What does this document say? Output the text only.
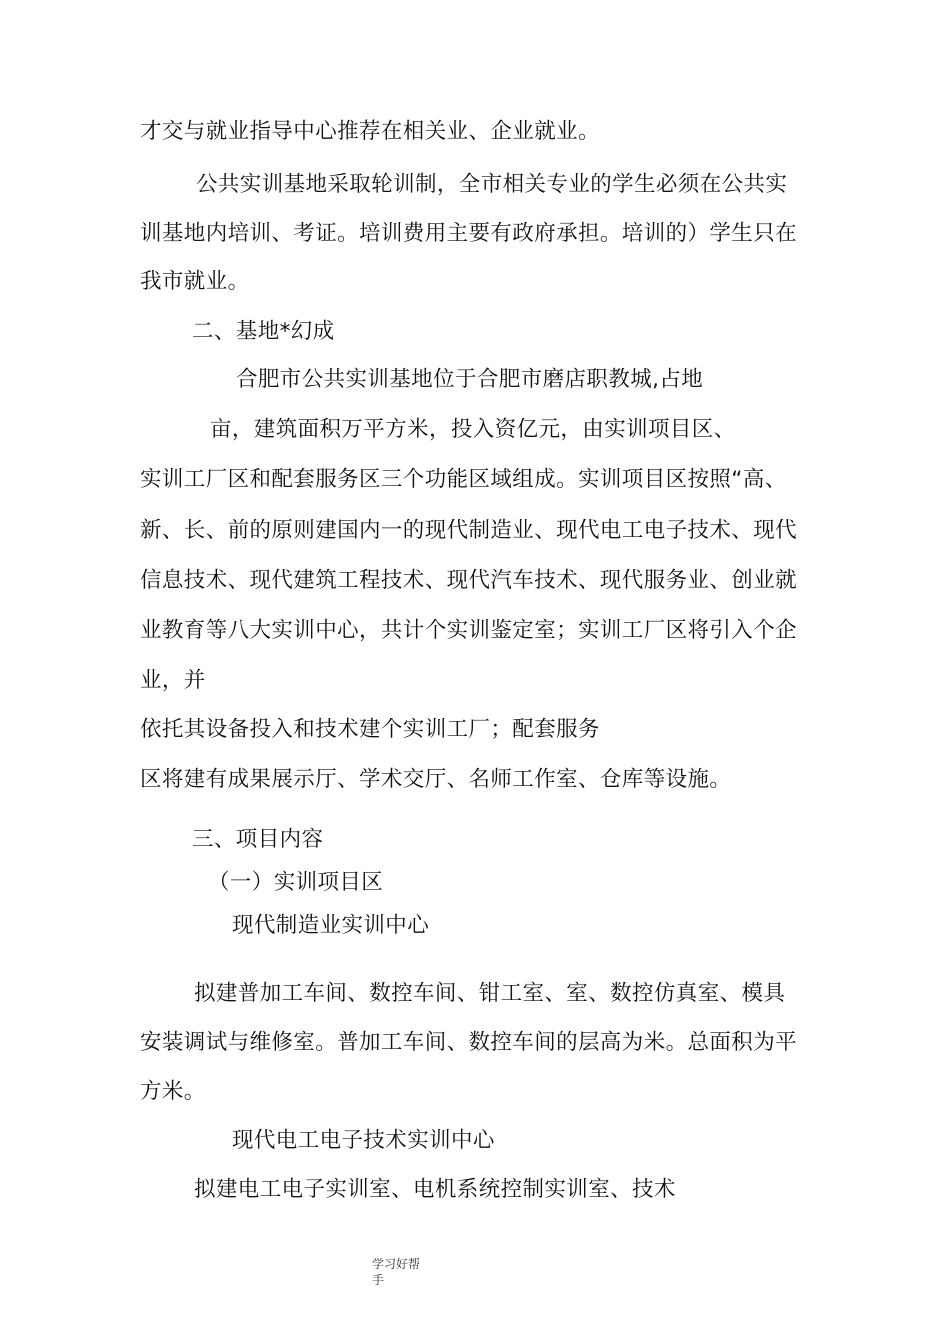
才交与就业指导中心推荐在相关业、企业就业。
公共实训基地采取轮训制，全市相关专业的学生必须在公共实
训基地内培训、考证。培训费用主要有政府承担。培训的）学生只在
我市就业。
二、基地*幻成
合肥市公共实训基地位于合肥市磨店职教城,占地
亩，建筑面积万平方米，投入资亿元，由实训项目区、
实训工厂区和配套服务区三个功能区域组成。实训项目区按照“高、
新、长、前的原则建国内一的现代制造业、现代电工电子技术、现代
信息技术、现代建筑工程技术、现代汽车技术、现代服务业、创业就
业教育等八大实训中心，共计个实训鉴定室；实训工厂区将引入个企
业，并
依托其设备投入和技术建个实训工厂；配套服务
区将建有成果展示厅、学术交厅、名师工作室、仓库等设施。
三、项目内容
（一）实训项目区
现代制造业实训中心
拟建普加工车间、数控车间、钳工室、室、数控仿真室、模具
安装调试与维修室。普加工车间、数控车间的层高为米。总面积为平
方米。
现代电工电子技术实训中心
拟建电工电子实训室、电机系统控制实训室、技术
学习好帮
手
